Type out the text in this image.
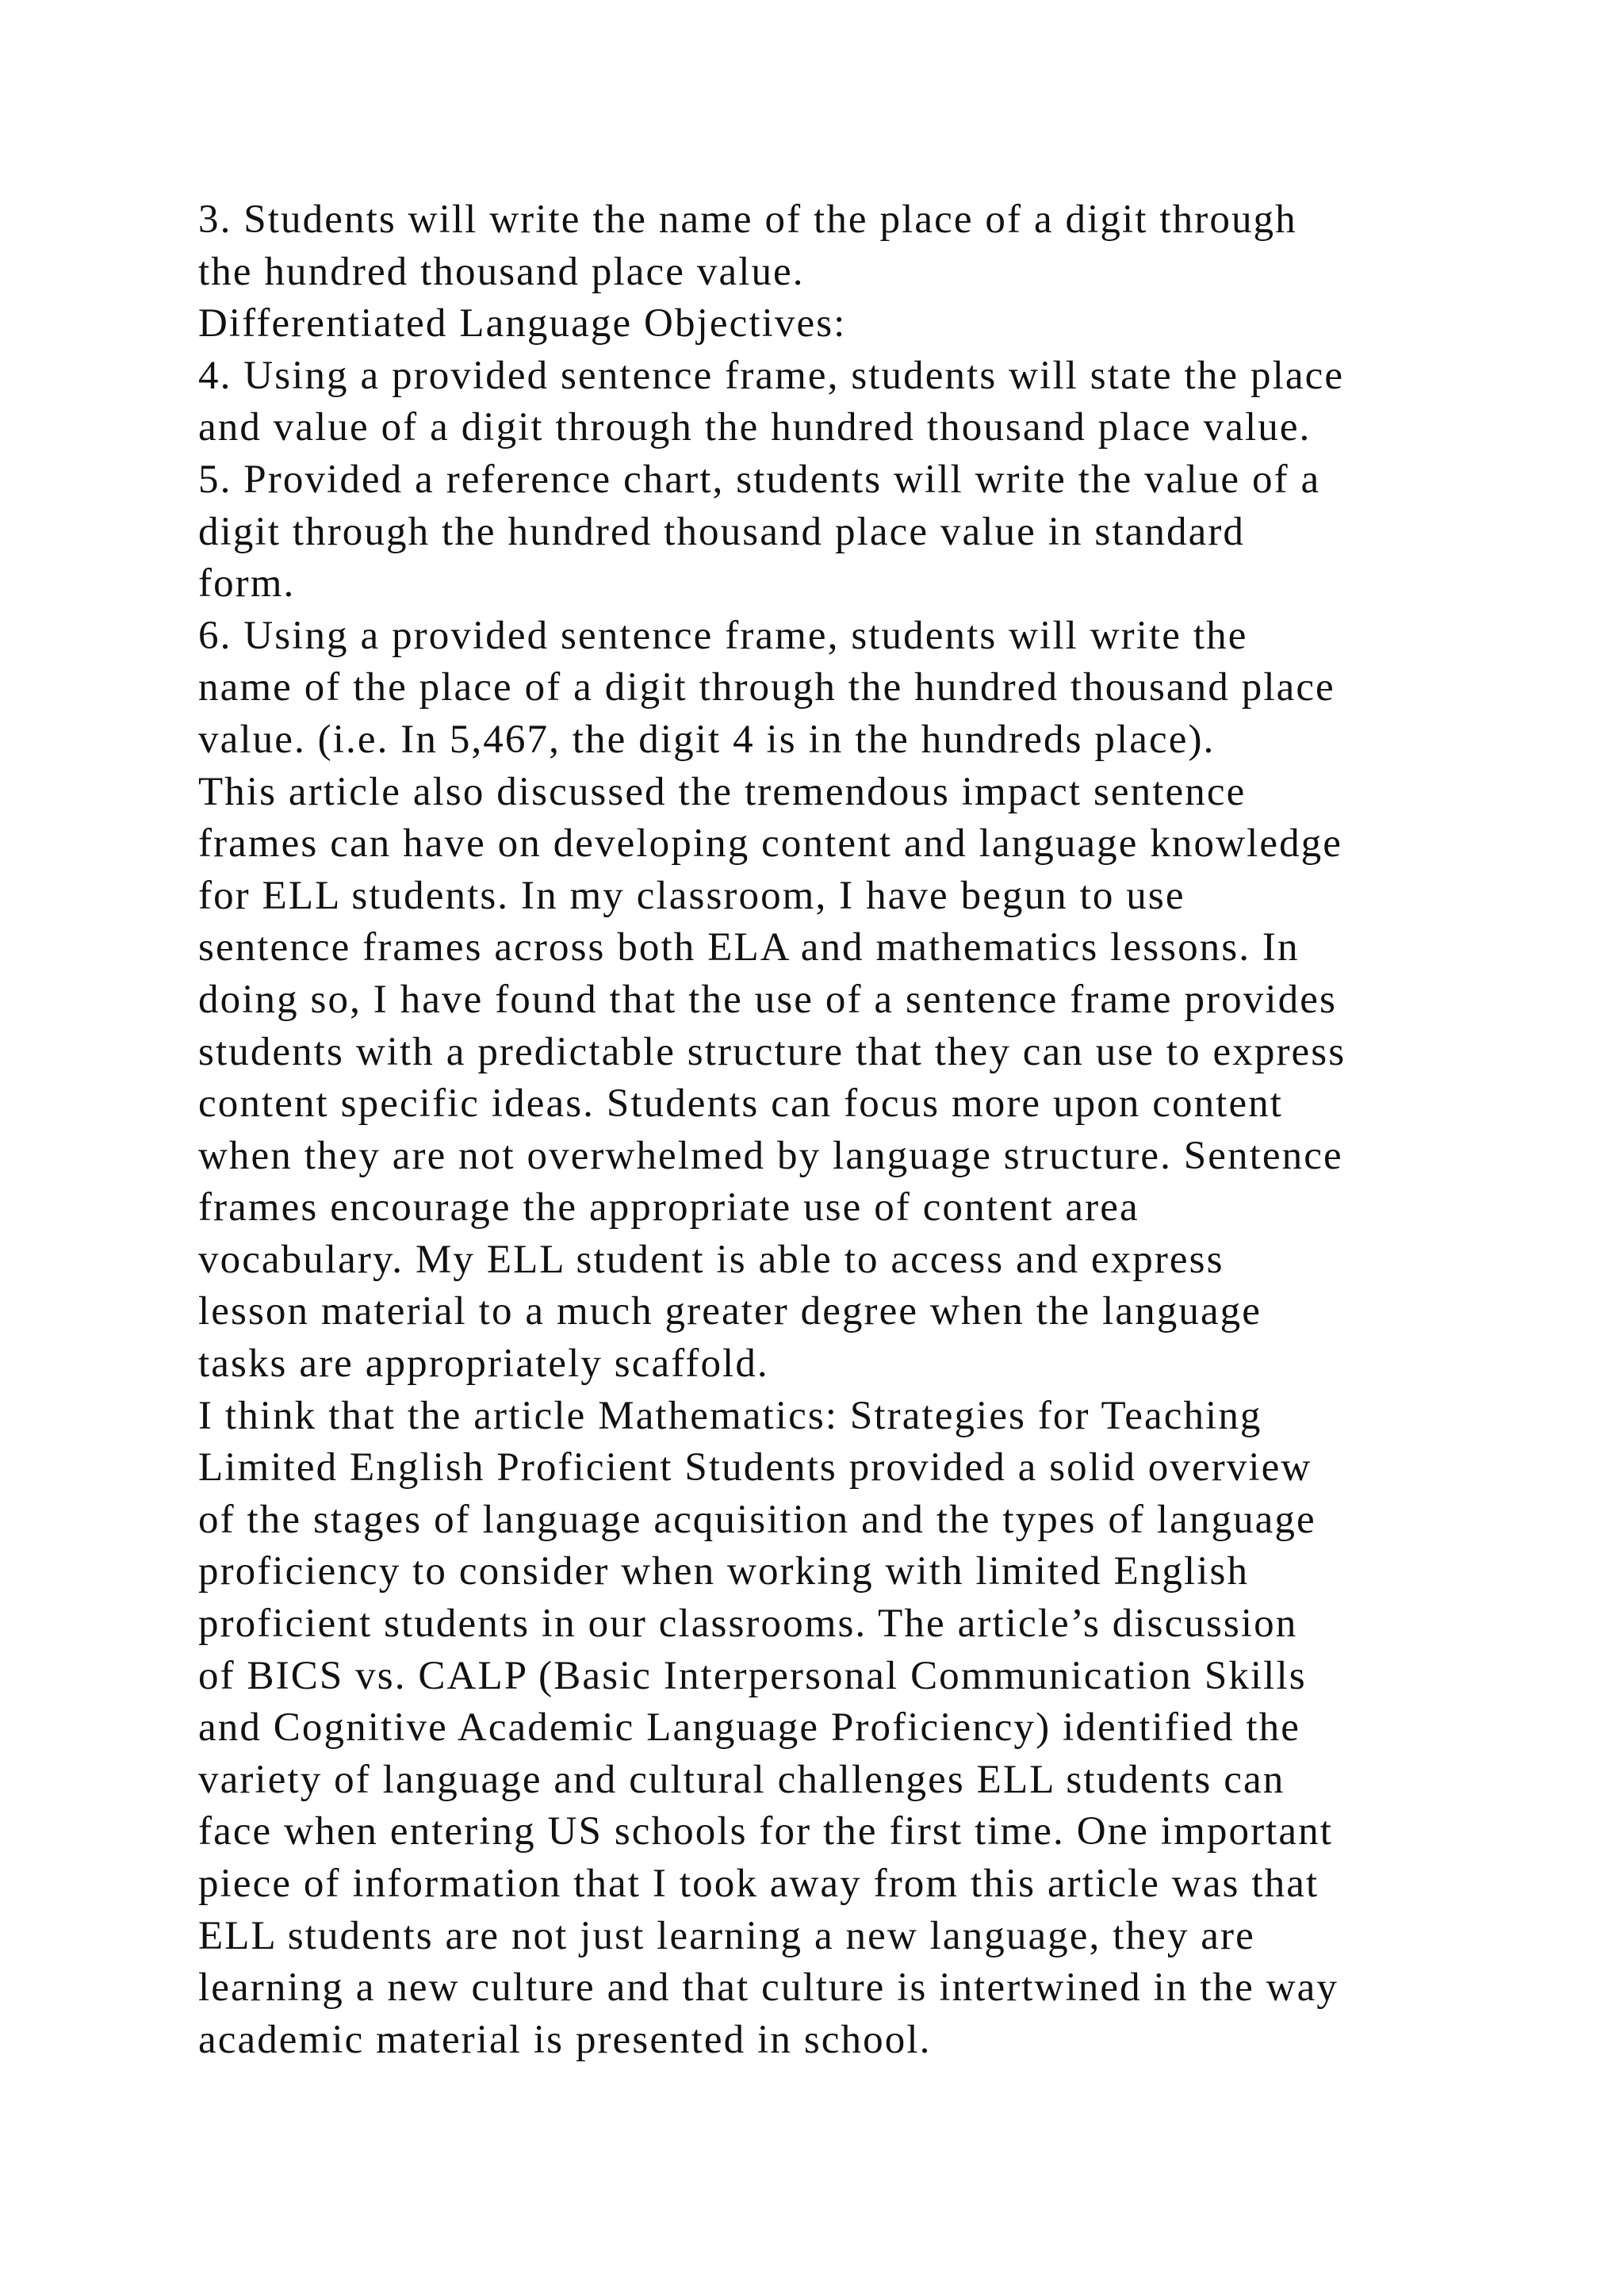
3. Students will write the name of the place of a digit through
the hundred thousand place value.
Differentiated Language Objectives:
4. Using a provided sentence frame, students will state the place
and value of a digit through the hundred thousand place value.
5. Provided a reference chart, students will write the value of a
digit through the hundred thousand place value in standard
form.
6. Using a provided sentence frame, students will write the
name of the place of a digit through the hundred thousand place
value. (i.e. In 5,467, the digit 4 is in the hundreds place).
This article also discussed the tremendous impact sentence
frames can have on developing content and language knowledge
for ELL students. In my classroom, I have begun to use
sentence frames across both ELA and mathematics lessons. In
doing so, I have found that the use of a sentence frame provides
students with a predictable structure that they can use to express
content specific ideas. Students can focus more upon content
when they are not overwhelmed by language structure. Sentence
frames encourage the appropriate use of content area
vocabulary. My ELL student is able to access and express
lesson material to a much greater degree when the language
tasks are appropriately scaffold.
I think that the article Mathematics: Strategies for Teaching
Limited English Proficient Students provided a solid overview
of the stages of language acquisition and the types of language
proficiency to consider when working with limited English
proficient students in our classrooms. The article’s discussion
of BICS vs. CALP (Basic Interpersonal Communication Skills
and Cognitive Academic Language Proficiency) identified the
variety of language and cultural challenges ELL students can
face when entering US schools for the first time. One important
piece of information that I took away from this article was that
ELL students are not just learning a new language, they are
learning a new culture and that culture is intertwined in the way
academic material is presented in school.
